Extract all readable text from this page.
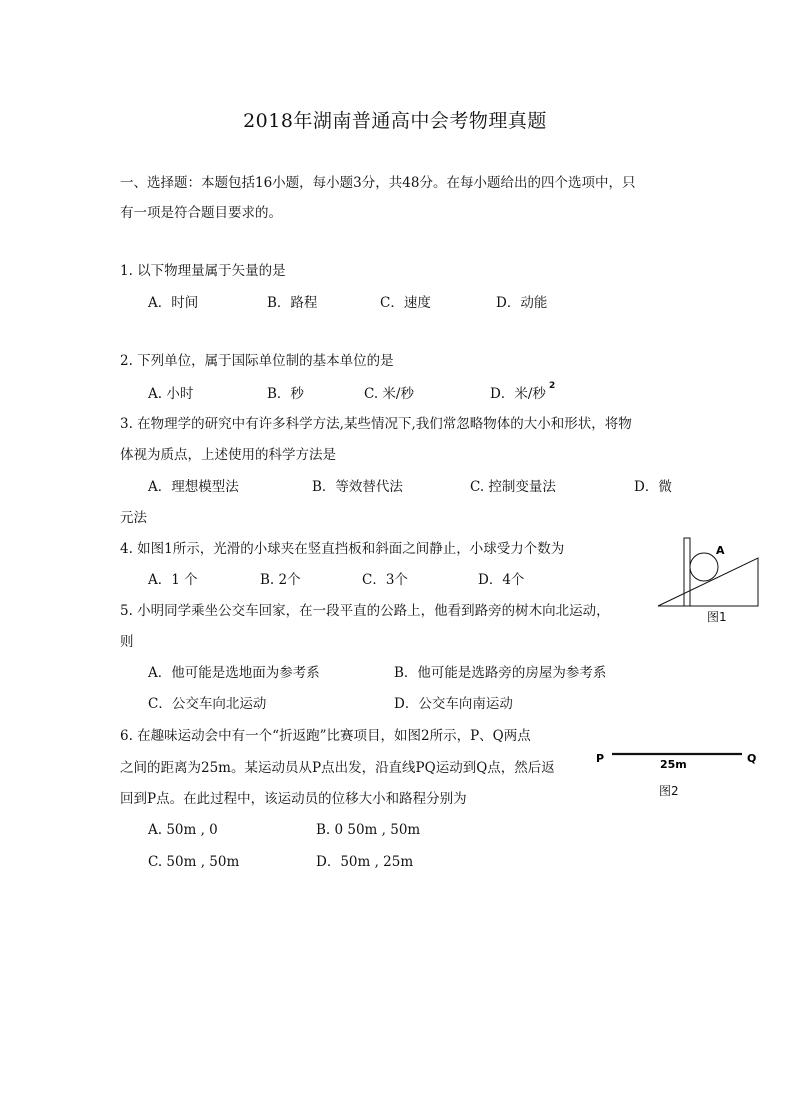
2018年湖南普通高中会考物理真题
一、选择题：本题包括16小题，每小题3分，共48分。在每小题给出的四个选项中，只
有一项是符合题目要求的。
1. 以下物理量属于矢量的是
A．时间	B．路程	C．速度	D．动能
2. 下列单位，属于国际单位制的基本单位的是
A. 小时	B．秒	C. 米/秒	D．米/秒 2
3. 在物理学的研究中有许多科学方法,某些情况下,我们常忽略物体的大小和形状，将物
体视为质点，上述使用的科学方法是
A．理想模型法	B．等效替代法	C. 控制变量法	D．微
元法
4. 如图1所示，光滑的小球夹在竖直挡板和斜面之间静止，小球受力个数为
A．1 个	B. 2个	C．3个	D．4个
A
图1
5. 小明同学乘坐公交车回家，在一段平直的公路上，他看到路旁的树木向北运动，
则
A．他可能是选地面为参考系	B．他可能是选路旁的房屋为参考系
C．公交车向北运动	D．公交车向南运动
6. 在趣味运动会中有一个“折返跑”比赛项目，如图2所示，P、Q两点
之间的距离为25m。某运动员从P点出发，沿直线PQ运动到Q点，然后返
回到P点。在此过程中，该运动员的位移大小和路程分别为
A. 50m , 0	B. 0 50m , 50m
C. 50m , 50m	D．50m , 25m
P	25m	Q
图2
